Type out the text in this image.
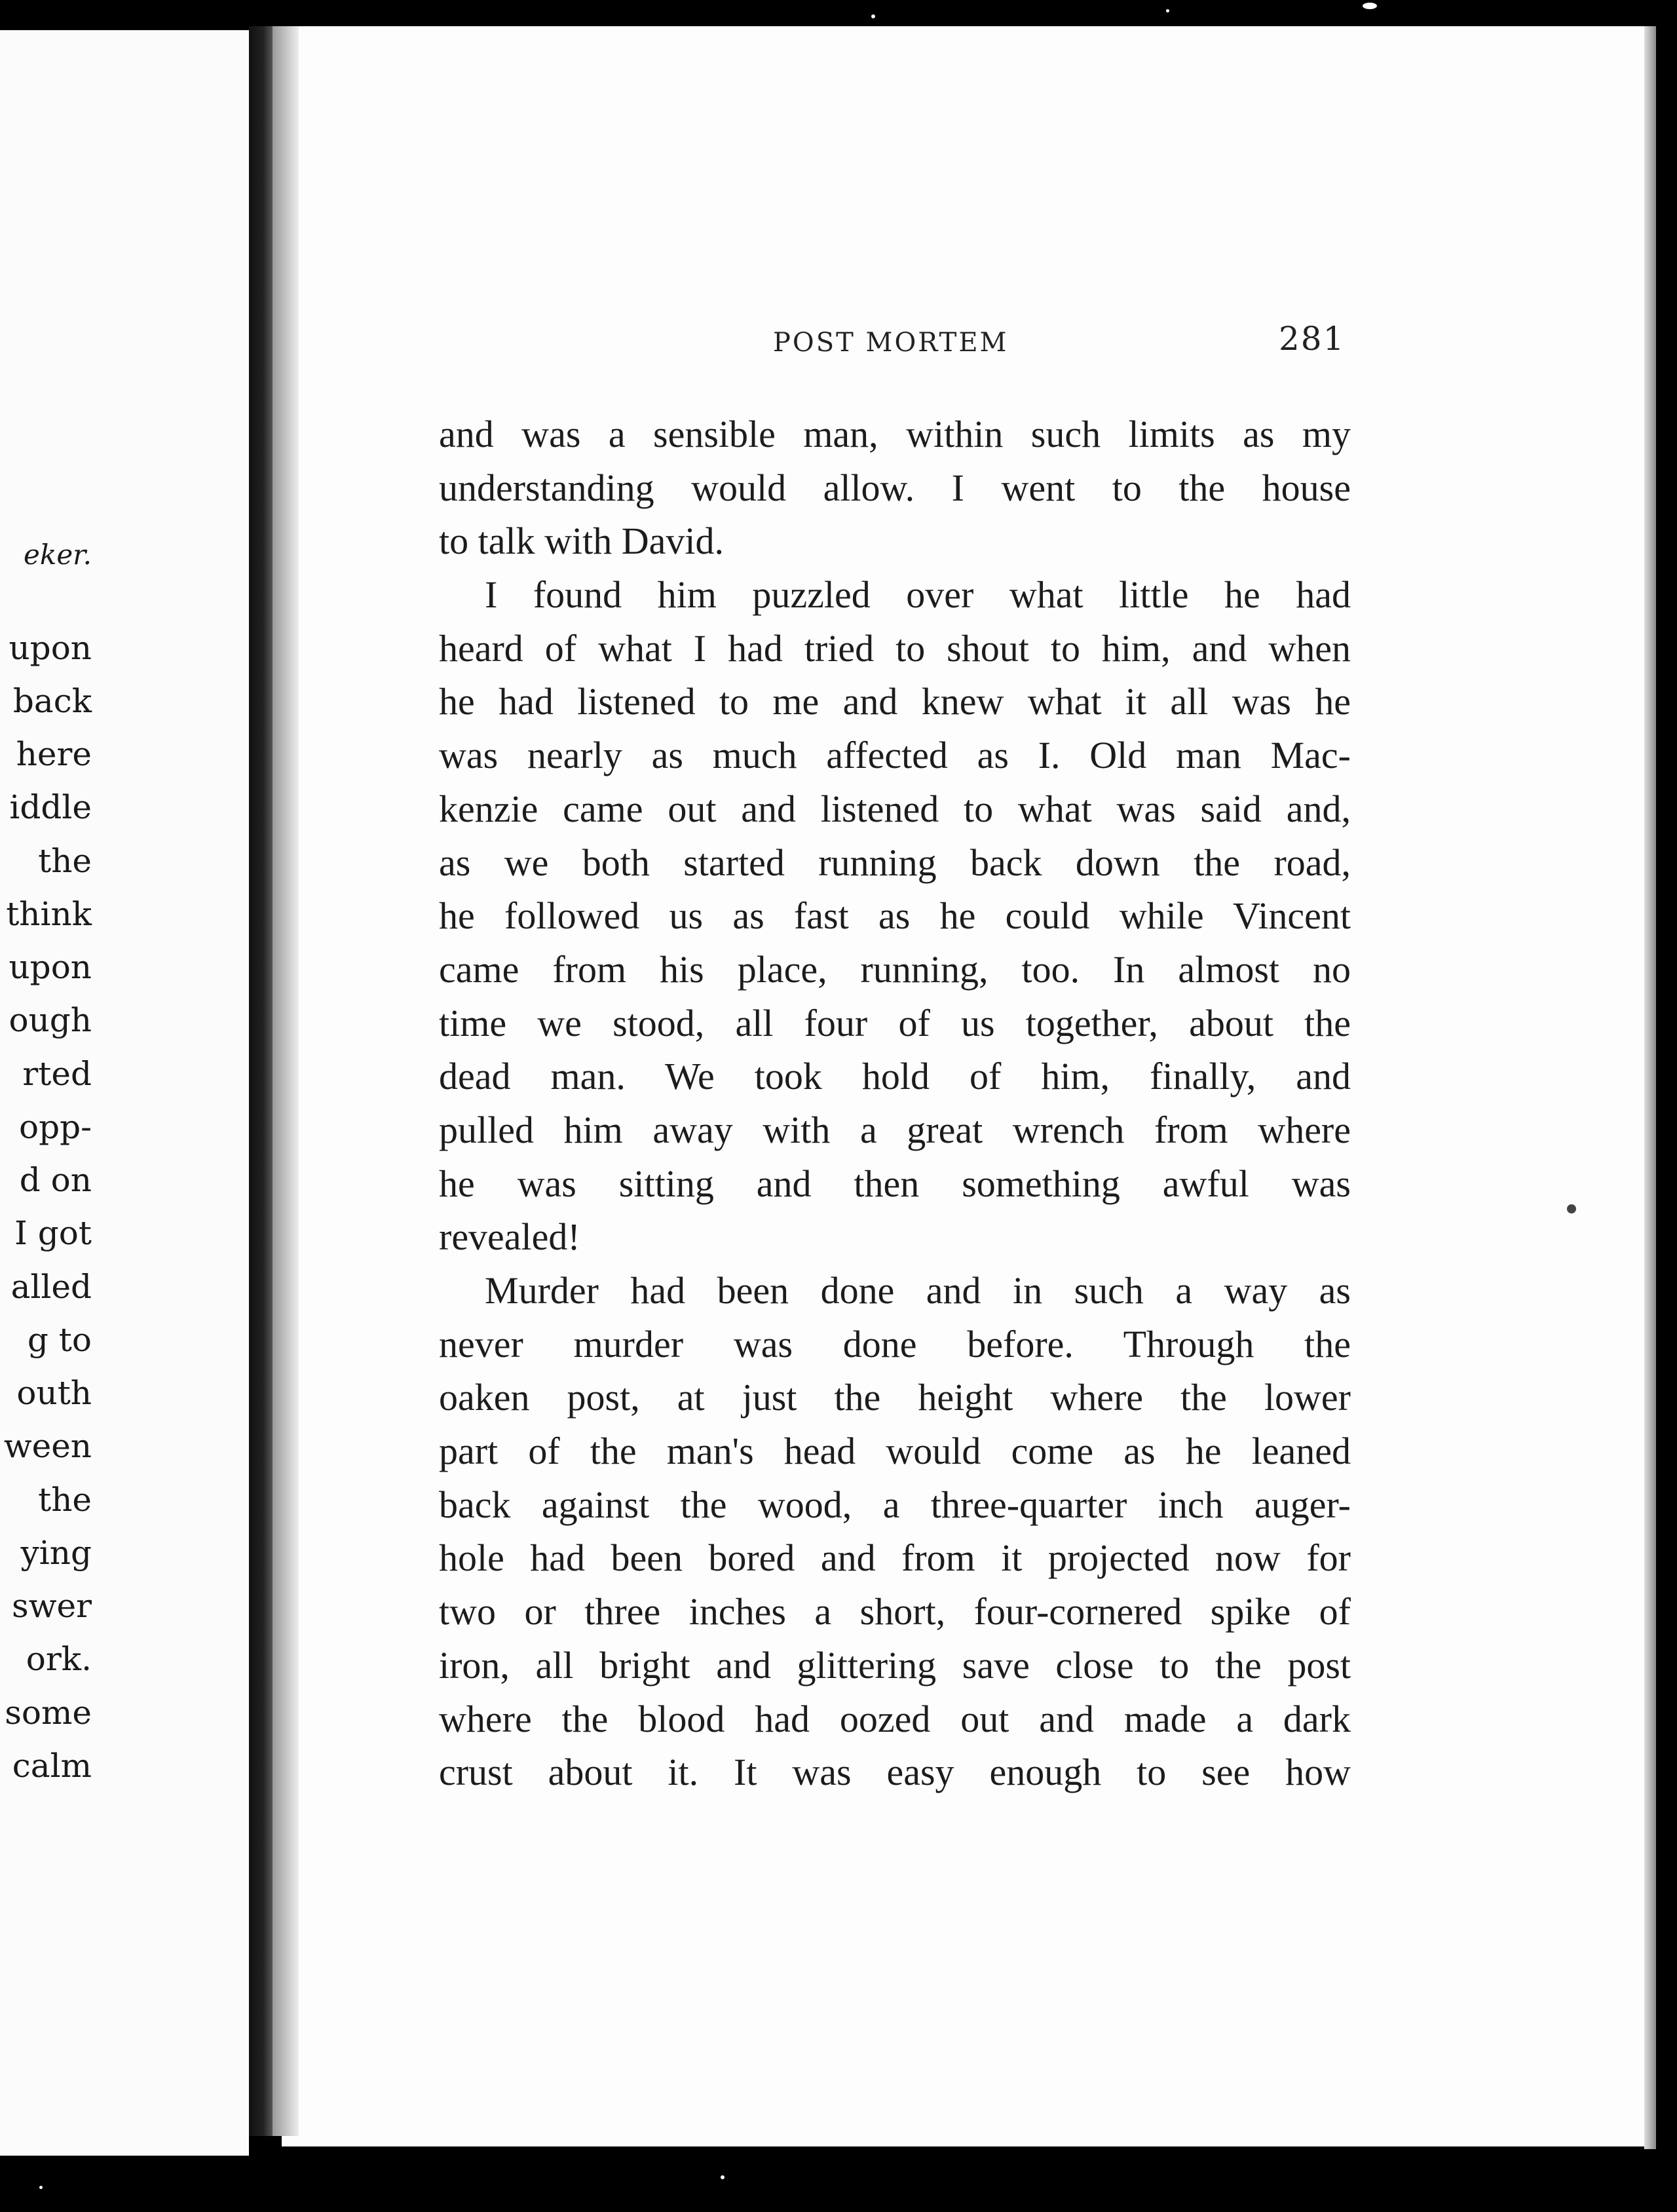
eker.
upon
back
here
iddle
the
think
upon
ough
rted
opp-
d on
I got
alled
g to
outh
ween
the
ying
swer
ork.
some
calm
POST MORTEM	281
and was a sensible man, within such limits as my
understanding would allow. I went to the house
to talk with David.
I found him puzzled over what little he had
heard of what I had tried to shout to him, and when
he had listened to me and knew what it all was he
was nearly as much affected as I. Old man Mac-
kenzie came out and listened to what was said and,
as we both started running back down the road,
he followed us as fast as he could while Vincent
came from his place, running, too. In almost no
time we stood, all four of us together, about the
dead man. We took hold of him, finally, and
pulled him away with a great wrench from where
he was sitting and then something awful was
revealed!
Murder had been done and in such a way as
never murder was done before. Through the
oaken post, at just the height where the lower
part of the man's head would come as he leaned
back against the wood, a three-quarter inch auger-
hole had been bored and from it projected now for
two or three inches a short, four-cornered spike of
iron, all bright and glittering save close to the post
where the blood had oozed out and made a dark
crust about it. It was easy enough to see how
